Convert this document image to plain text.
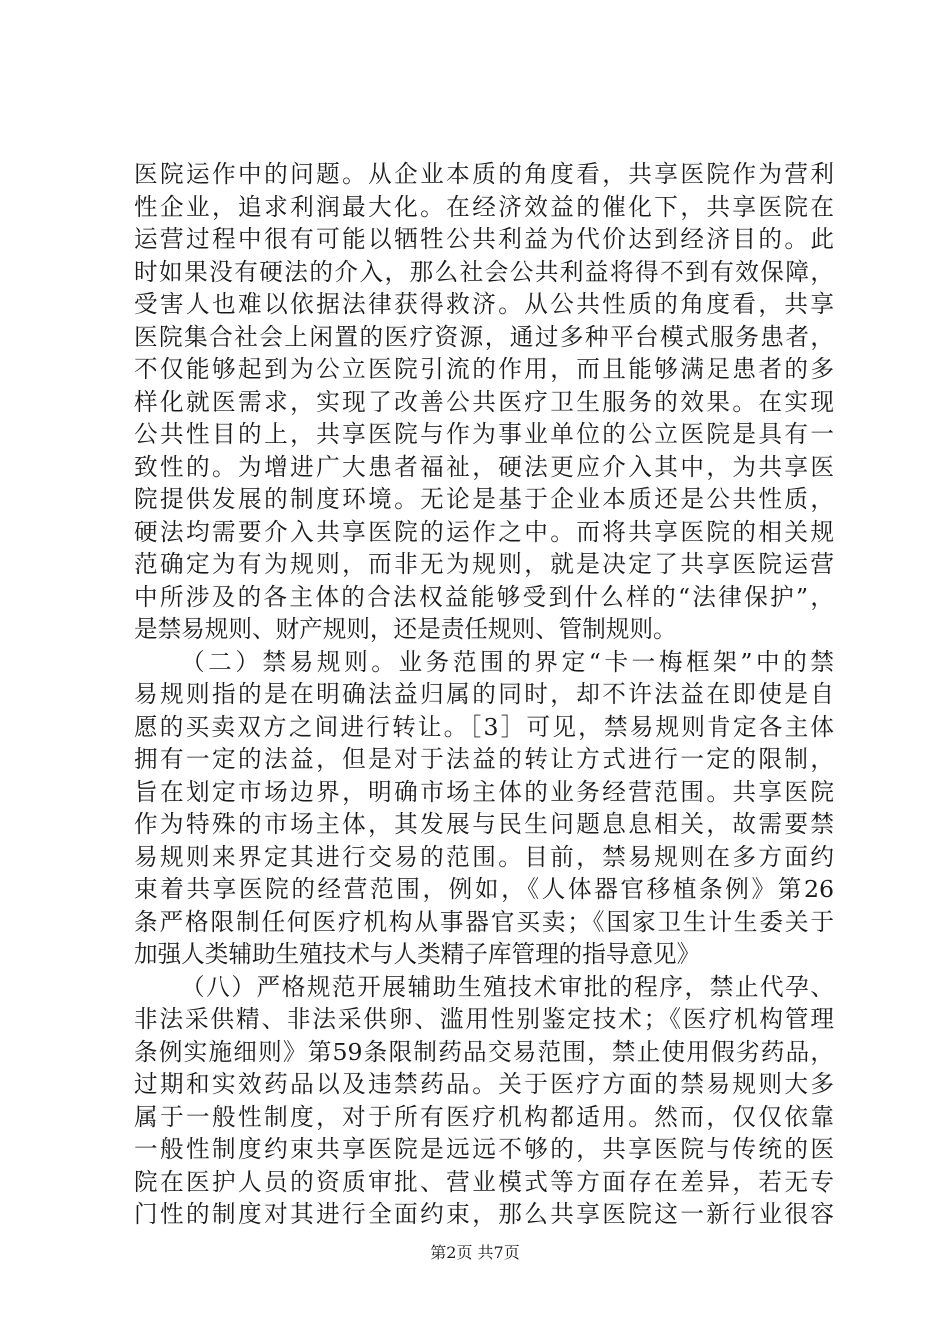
医院运作中的问题。从企业本质的角度看，共享医院作为营利
性企业，追求利润最大化。在经济效益的催化下，共享医院在
运营过程中很有可能以牺牲公共利益为代价达到经济目的。此
时如果没有硬法的介入，那么社会公共利益将得不到有效保障，
受害人也难以依据法律获得救济。从公共性质的角度看，共享
医院集合社会上闲置的医疗资源，通过多种平台模式服务患者，
不仅能够起到为公立医院引流的作用，而且能够满足患者的多
样化就医需求，实现了改善公共医疗卫生服务的效果。在实现
公共性目的上，共享医院与作为事业单位的公立医院是具有一
致性的。为增进广大患者福祉，硬法更应介入其中，为共享医
院提供发展的制度环境。无论是基于企业本质还是公共性质，
硬法均需要介入共享医院的运作之中。而将共享医院的相关规
范确定为有为规则，而非无为规则，就是决定了共享医院运营
中所涉及的各主体的合法权益能够受到什么样的“法律保护”，
是禁易规则、财产规则，还是责任规则、管制规则。
（二）禁易规则。业务范围的界定“卡一梅框架”中的禁
易规则指的是在明确法益归属的同时，却不许法益在即使是自
愿的买卖双方之间进行转让。［3］可见，禁易规则肯定各主体
拥有一定的法益，但是对于法益的转让方式进行一定的限制，
旨在划定市场边界，明确市场主体的业务经营范围。共享医院
作为特殊的市场主体，其发展与民生问题息息相关，故需要禁
易规则来界定其进行交易的范围。目前，禁易规则在多方面约
束着共享医院的经营范围，例如，《人体器官移植条例》第26
条严格限制任何医疗机构从事器官买卖；《国家卫生计生委关于
加强人类辅助生殖技术与人类精子库管理的指导意见》
（八）严格规范开展辅助生殖技术审批的程序，禁止代孕、
非法采供精、非法采供卵、滥用性别鉴定技术；《医疗机构管理
条例实施细则》第59条限制药品交易范围，禁止使用假劣药品，
过期和实效药品以及违禁药品。关于医疗方面的禁易规则大多
属于一般性制度，对于所有医疗机构都适用。然而，仅仅依靠
一般性制度约束共享医院是远远不够的，共享医院与传统的医
院在医护人员的资质审批、营业模式等方面存在差异，若无专
门性的制度对其进行全面约束，那么共享医院这一新行业很容
第2页 共7页
